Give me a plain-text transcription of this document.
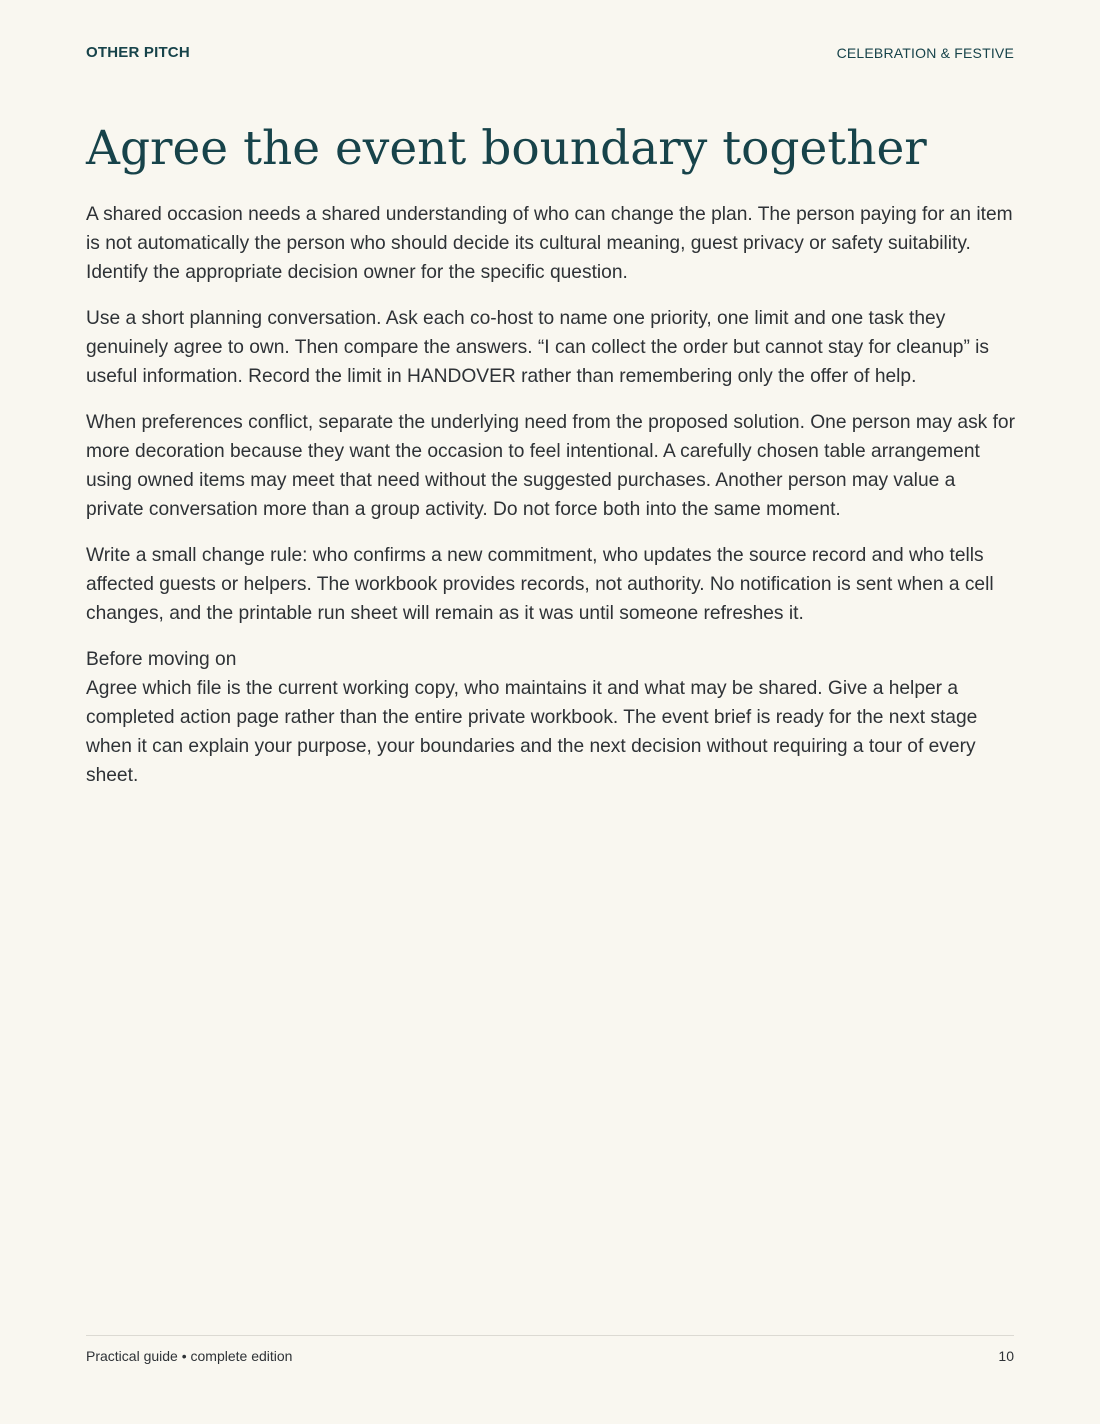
OTHER PITCH	CELEBRATION & FESTIVE
Agree the event boundary together

A shared occasion needs a shared understanding of who can change the plan. The person paying for an item is not automatically the person who should decide its cultural meaning, guest privacy or safety suitability. Identify the appropriate decision owner for the specific question.

Use a short planning conversation. Ask each co-host to name one priority, one limit and one task they genuinely agree to own. Then compare the answers. “I can collect the order but cannot stay for cleanup” is useful information. Record the limit in HANDOVER rather than remembering only the offer of help.

When preferences conflict, separate the underlying need from the proposed solution. One person may ask for more decoration because they want the occasion to feel intentional. A carefully chosen table arrangement using owned items may meet that need without the suggested purchases. Another person may value a private conversation more than a group activity. Do not force both into the same moment.

Write a small change rule: who confirms a new commitment, who updates the source record and who tells affected guests or helpers. The workbook provides records, not authority. No notification is sent when a cell changes, and the printable run sheet will remain as it was until someone refreshes it.

Before moving on
Agree which file is the current working copy, who maintains it and what may be shared. Give a helper a completed action page rather than the entire private workbook. The event brief is ready for the next stage when it can explain your purpose, your boundaries and the next decision without requiring a tour of every sheet.
Practical guide • complete edition	10
